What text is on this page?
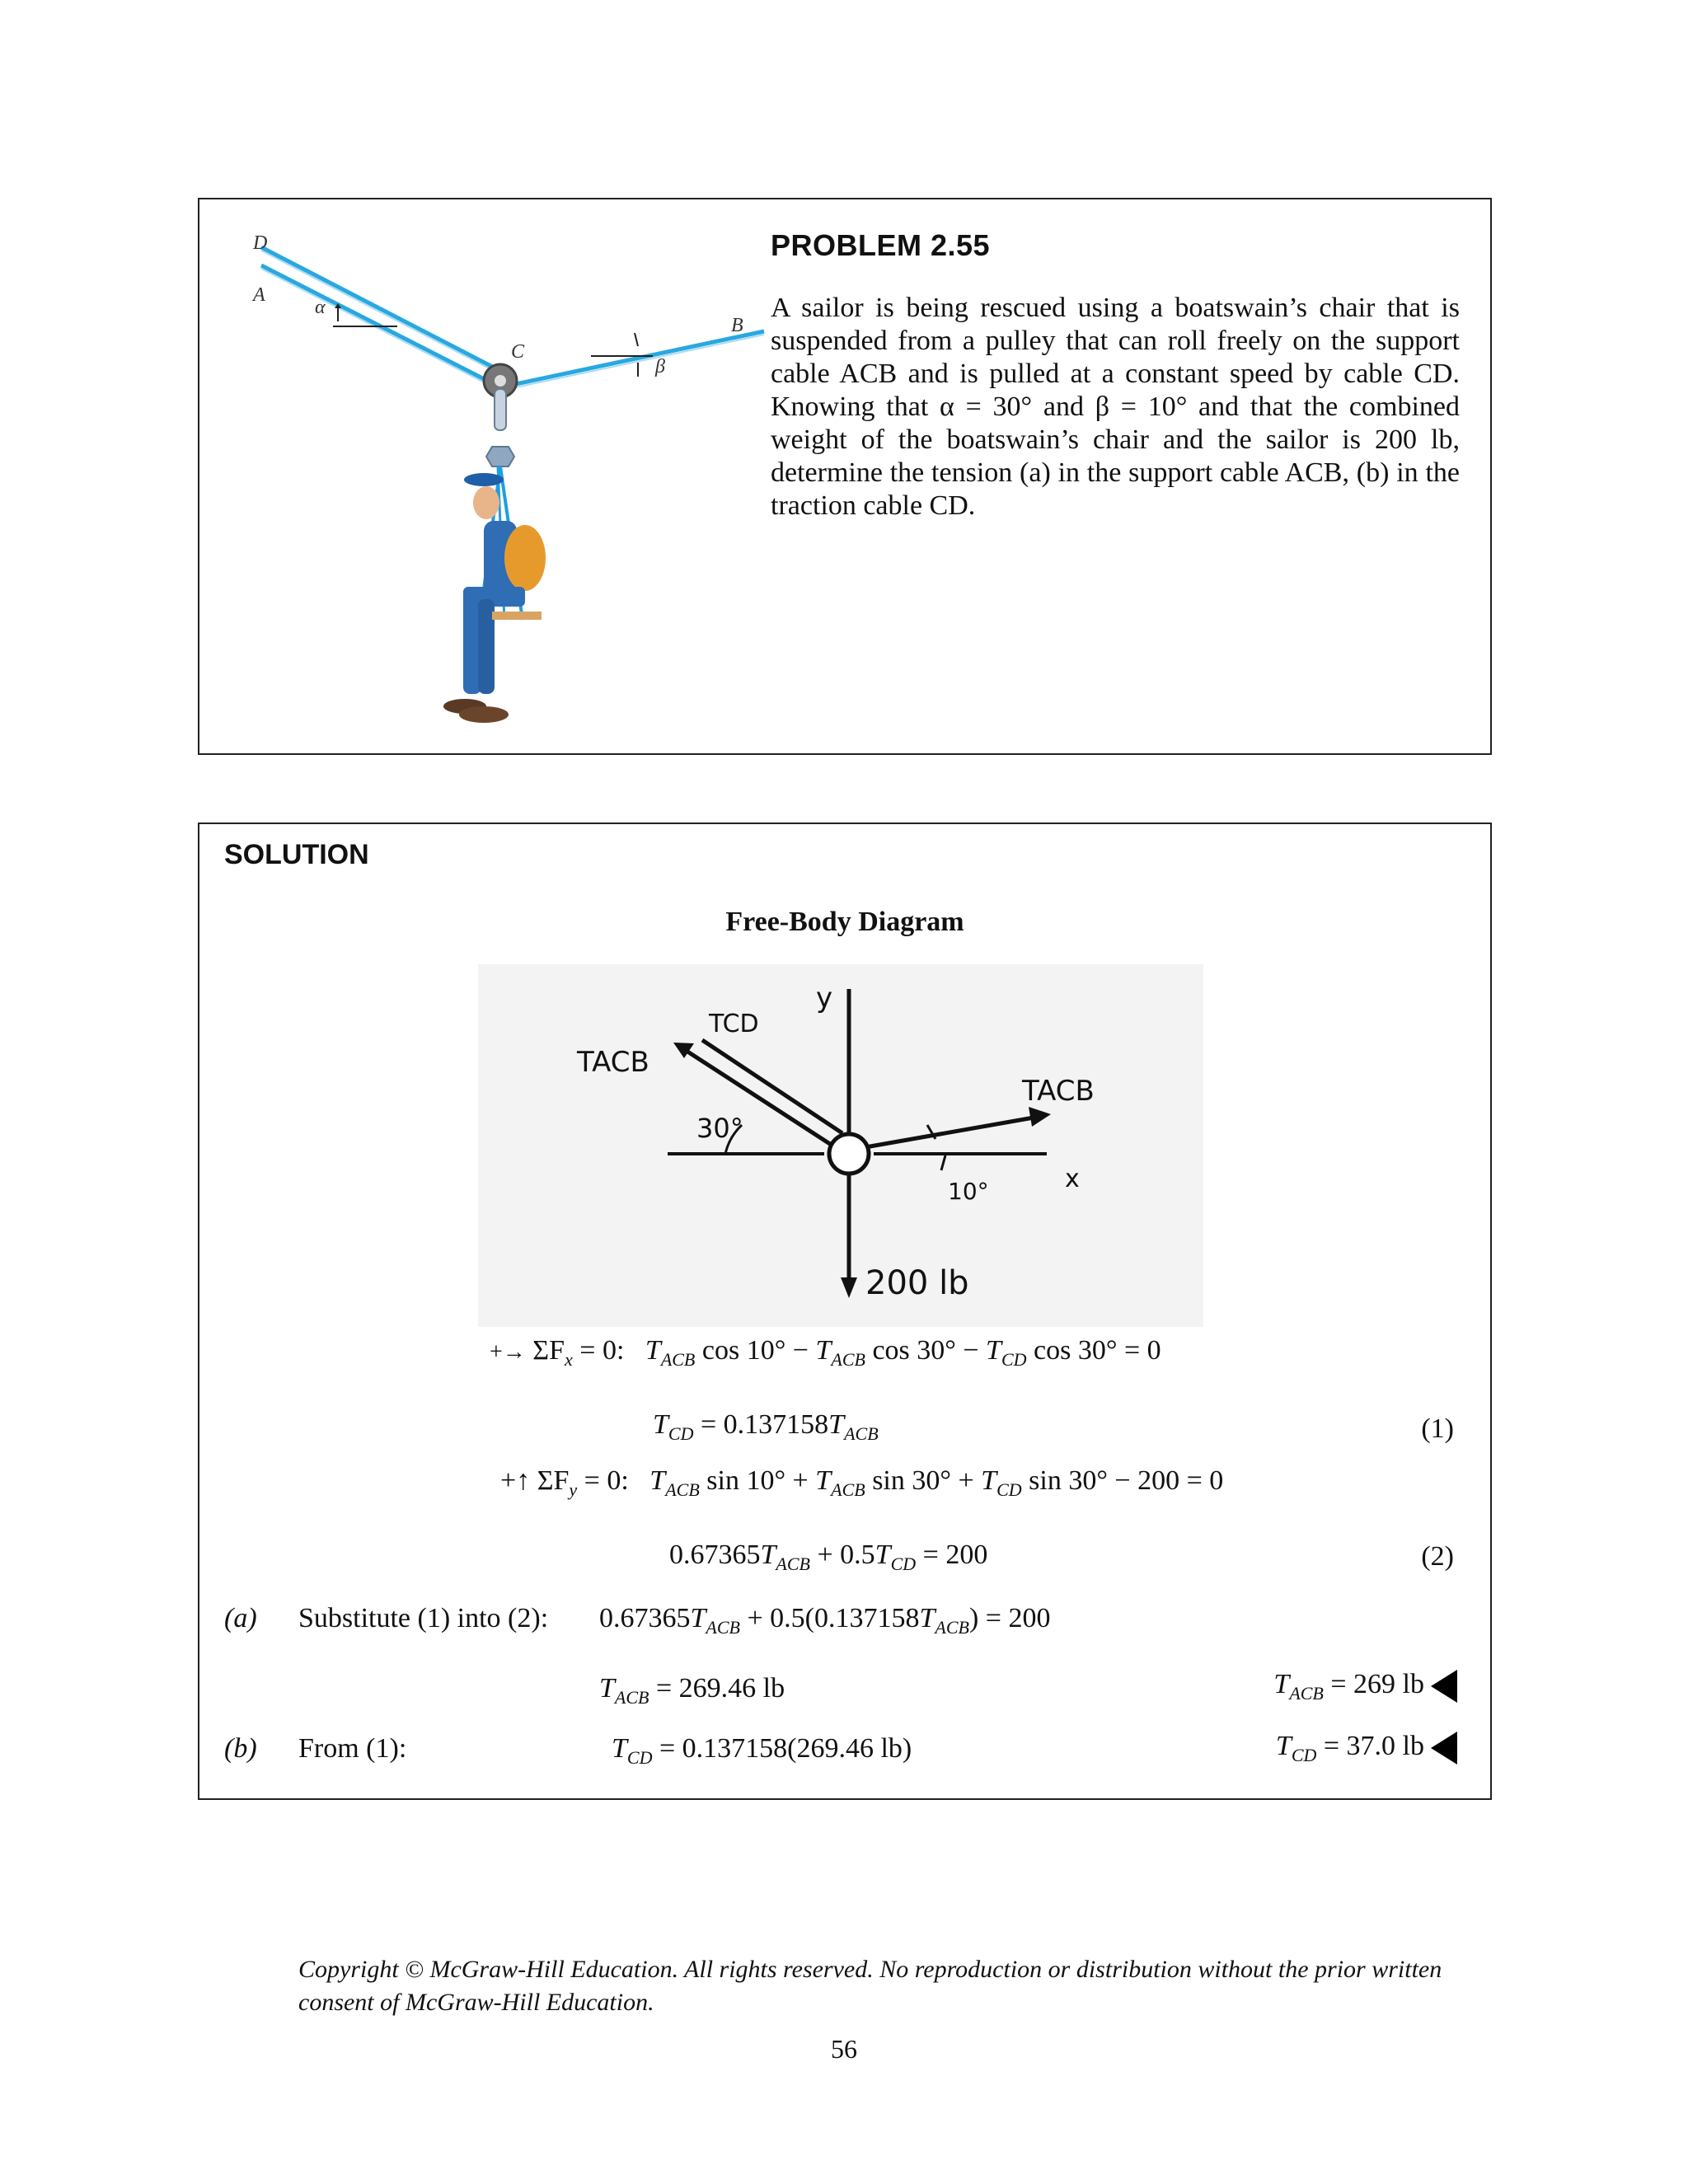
D
A
α
C
B
β
PROBLEM 2.55
A sailor is being rescued using a boatswain’s chair that is suspended from a pulley that can roll freely on the support cable ACB and is pulled at a constant speed by cable CD. Knowing that α = 30° and β = 10° and that the combined weight of the boatswain’s chair and the sailor is 200 lb, determine the tension (a) in the support cable ACB, (b) in the traction cable CD.
SOLUTION
Free-Body Diagram
TACB
TCD
y
TACB
30°
10°	x
200 lb
+→ $\Sigma F_x = 0$: $T_{ACB}$ $\cos 10^\circ - T_{ACB}$ $\cos 30^\circ - T_{CD}$ cos 30° = 0
$T_{CD} = 0.137158T_{ACB}$	(1)
+↑ $\Sigma F_y = 0$: $T_{ACB}$ $\sin 10^\circ + T_{ACB}$ $\sin 30^\circ + T_{CD}$ sin 30° − 200 = 0
$0.67365T_{ACB} + 0.5T_{CD} = 200$	(2)
(a) Substitute (1) into (2): $0.67365T_{ACB} + 0.5(0.137158T_{ACB}) = 200$
$T_{ACB} = 269.46$ lb	$T_{ACB} = 269$ lb
(b) From (1):	$T_{CD} = 0.137158(269.46$ lb)	$T_{CD} = 37.0$ lb
Copyright © McGraw-Hill Education. All rights reserved. No reproduction or distribution without the prior written consent of McGraw-Hill Education.
56
